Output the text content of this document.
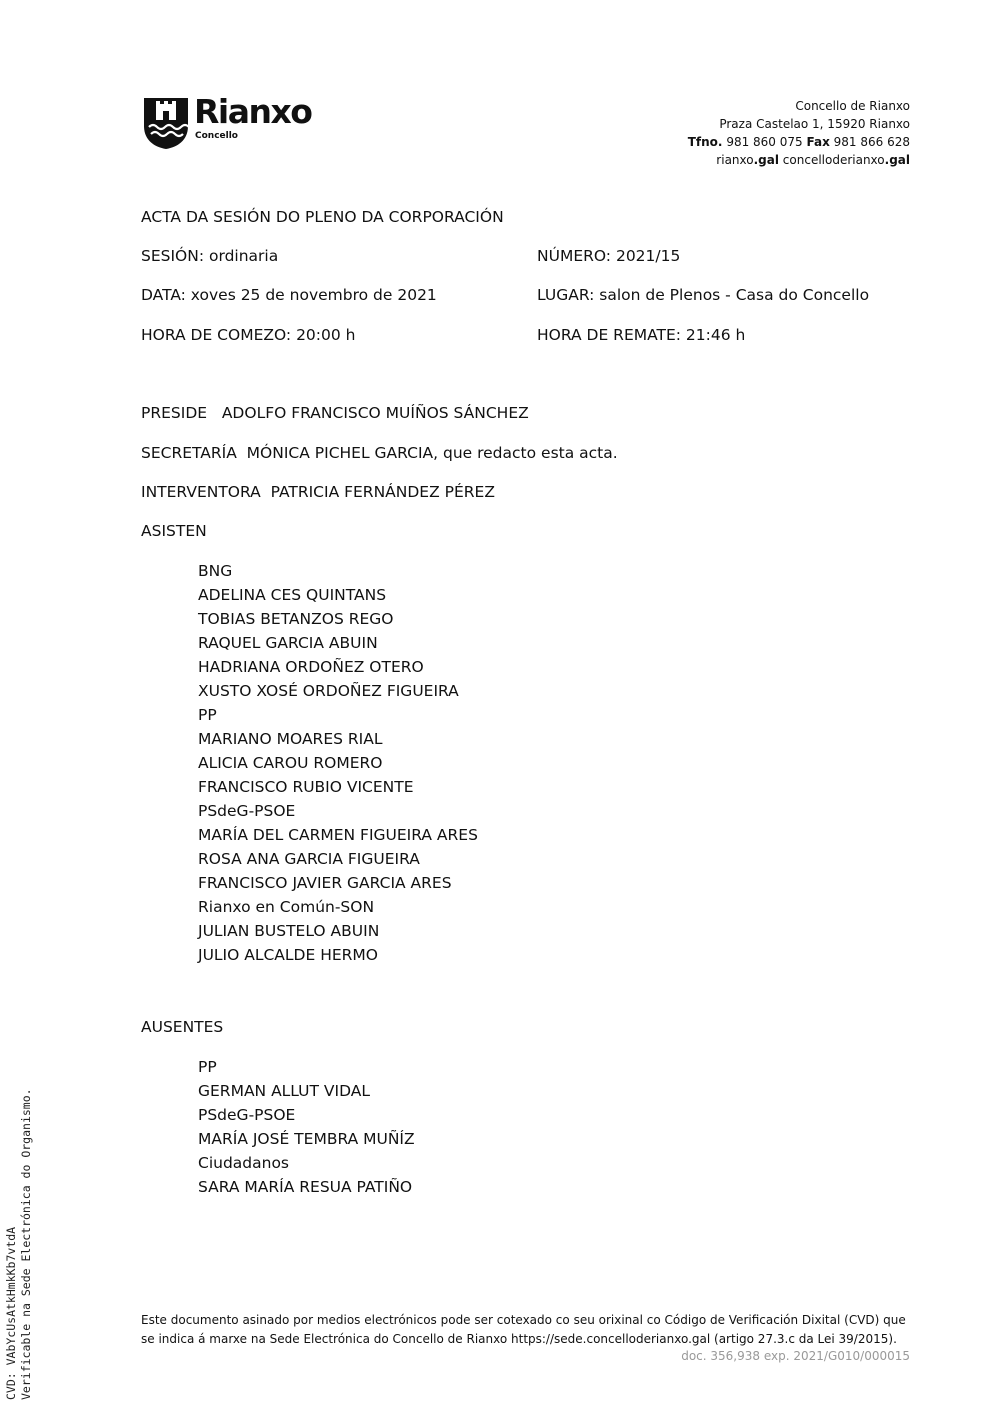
Rianxo
Concello
Concello de Rianxo
Praza Castelao 1, 15920 Rianxo
Tfno. 981 860 075 Fax 981 866 628
rianxo.gal concelloderianxo.gal
ACTA DA SESIÓN DO PLENO DA CORPORACIÓN
SESIÓN: ordinaria	NÚMERO: 2021/15
DATA: xoves 25 de novembro de 2021	LUGAR: salon de Plenos - Casa do Concello
HORA DE COMEZO: 20:00 h	HORA DE REMATE: 21:46 h
PRESIDE   ADOLFO FRANCISCO MUÍÑOS SÁNCHEZ
SECRETARÍA  MÓNICA PICHEL GARCIA, que redacto esta acta.
INTERVENTORA  PATRICIA FERNÁNDEZ PÉREZ
ASISTEN
BNG
ADELINA CES QUINTANS
TOBIAS BETANZOS REGO
RAQUEL GARCIA ABUIN
HADRIANA ORDOÑEZ OTERO
XUSTO XOSÉ ORDOÑEZ FIGUEIRA
PP
MARIANO MOARES RIAL
ALICIA CAROU ROMERO
FRANCISCO RUBIO VICENTE
PSdeG-PSOE
MARÍA DEL CARMEN FIGUEIRA ARES
ROSA ANA GARCIA FIGUEIRA
FRANCISCO JAVIER GARCIA ARES
Rianxo en Común-SON
JULIAN BUSTELO ABUIN
JULIO ALCALDE HERMO
AUSENTES
PP
GERMAN ALLUT VIDAL
PSdeG-PSOE
MARÍA JOSÉ TEMBRA MUÑÍZ
Ciudadanos
SARA MARÍA RESUA PATIÑO
Este documento asinado por medios electrónicos pode ser cotexado co seu orixinal co Código de Verificación Dixital (CVD) que
se indica á marxe na Sede Electrónica do Concello de Rianxo https://sede.concelloderianxo.gal (artigo 27.3.c da Lei 39/2015).
doc. 356,938 exp. 2021/G010/000015
CVD: VAbYcUsAtkHmkKb7vtdA Verificable na Sede Electrónica do Organismo.
